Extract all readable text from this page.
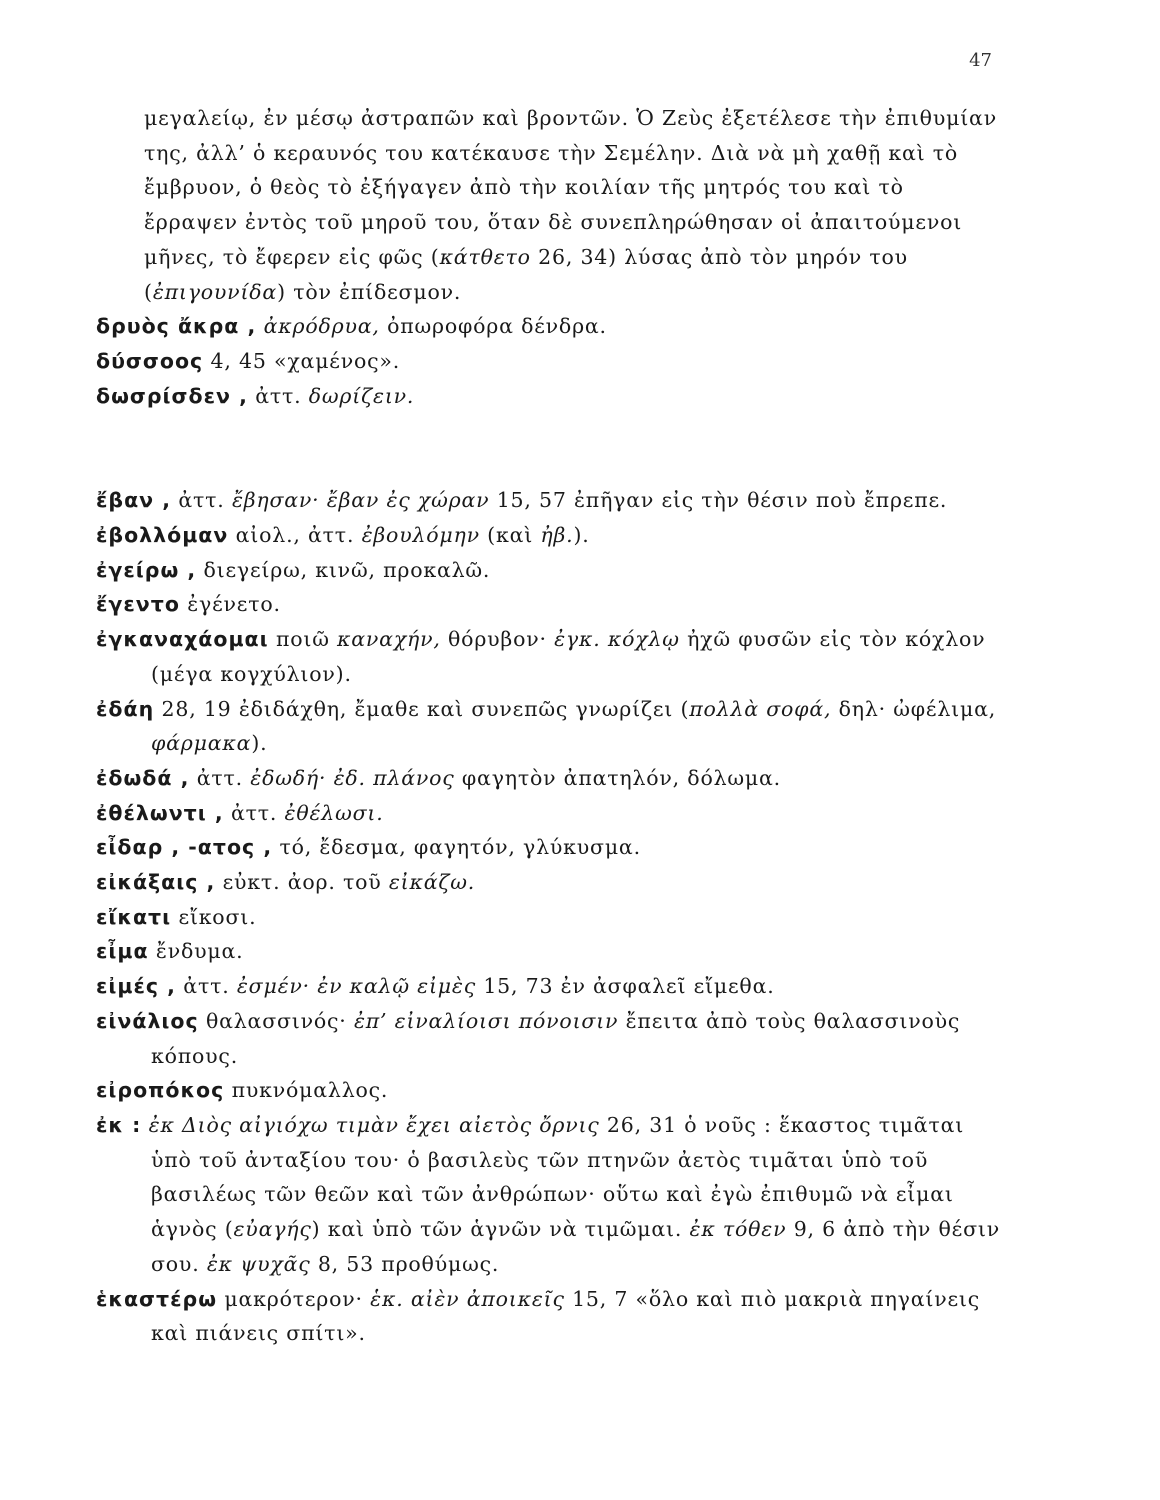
47
μεγαλείῳ, ἐν μέσῳ ἀστραπῶν καὶ βροντῶν. Ὁ Ζεὺς ἐξετέλεσε τὴν ἐπιθυμίαν της, ἀλλ’ ὁ κεραυνός του κατέκαυσε τὴν Σεμέλην. Διὰ νὰ μὴ χαθῇ καὶ τὸ ἔμβρυον, ὁ θεὸς τὸ ἐξήγαγεν ἀπὸ τὴν κοιλίαν τῆς μητρός του καὶ τὸ ἔρραψεν ἐντὸς τοῦ μηροῦ του, ὅταν δὲ συνεπληρώθησαν οἱ ἀπαιτούμενοι μῆνες, τὸ ἔφερεν εἰς φῶς (κάτθετο 26, 34) λύσας ἀπὸ τὸν μηρόν του (ἐπιγουνίδα) τὸν ἐπίδεσμον.
δρυὸς ἄκρα , ἀκρόδρυα, ὀπωροφόρα δένδρα.
δύσσοος 4, 45 «χαμένος».
δωσρίσδεν , ἀττ. δωρίζειν.
ἔβαν , ἀττ. ἔβησαν· ἔβαν ἐς χώραν 15, 57 ἐπῆγαν εἰς τὴν θέσιν ποὺ ἔπρεπε.
ἐβολλόμαν αἰολ., ἀττ. ἐβουλόμην (καὶ ἠβ.).
ἐγείρω , διεγείρω, κινῶ, προκαλῶ.
ἔγεντο ἐγένετο.
ἐγκαναχάομαι ποιῶ καναχήν, θόρυβον· ἐγκ. κόχλῳ ἠχῶ φυσῶν εἰς τὸν κόχλον (μέγα κογχύλιον).
ἐδάη 28, 19 ἐδιδάχθη, ἔμαθε καὶ συνεπῶς γνωρίζει (πολλὰ σοφά, δηλ· ὠφέλιμα, φάρμακα).
ἐδωδά , ἀττ. ἐδωδή· ἐδ. πλάνος φαγητὸν ἀπατηλόν, δόλωμα.
ἐθέλωντι , ἀττ. ἐθέλωσι.
εἶδαρ , -ατος , τό, ἔδεσμα, φαγητόν, γλύκυσμα.
εἰκάξαις , εὐκτ. ἀορ. τοῦ εἰκάζω.
εἴκατι εἴκοσι.
εἶμα ἔνδυμα.
εἰμές , ἀττ. ἐσμέν· ἐν καλῷ εἰμὲς 15, 73 ἐν ἀσφαλεῖ εἴμεθα.
εἰνάλιος θαλασσινός· ἐπ’ εἰναλίοισι πόνοισιν ἔπειτα ἀπὸ τοὺς θαλασσινοὺς κόπους.
εἰροπόκος πυκνόμαλλος.
ἐκ : ἐκ Διὸς αἰγιόχω τιμὰν ἔχει αἰετὸς ὄρνις 26, 31 ὁ νοῦς : ἕκαστος τιμᾶται ὑπὸ τοῦ ἀνταξίου του· ὁ βασιλεὺς τῶν πτηνῶν ἀετὸς τιμᾶται ὑπὸ τοῦ βασιλέως τῶν θεῶν καὶ τῶν ἀνθρώπων· οὕτω καὶ ἐγὼ ἐπιθυμῶ νὰ εἶμαι ἁγνὸς (εὐαγής) καὶ ὑπὸ τῶν ἁγνῶν νὰ τιμῶμαι. ἐκ τόθεν 9, 6 ἀπὸ τὴν θέσιν σου. ἐκ ψυχᾶς 8, 53 προθύμως.
ἑκαστέρω μακρότερον· ἑκ. αἰὲν ἀποικεῖς 15, 7 «ὅλο καὶ πιὸ μακριὰ πηγαίνεις καὶ πιάνεις σπίτι».
